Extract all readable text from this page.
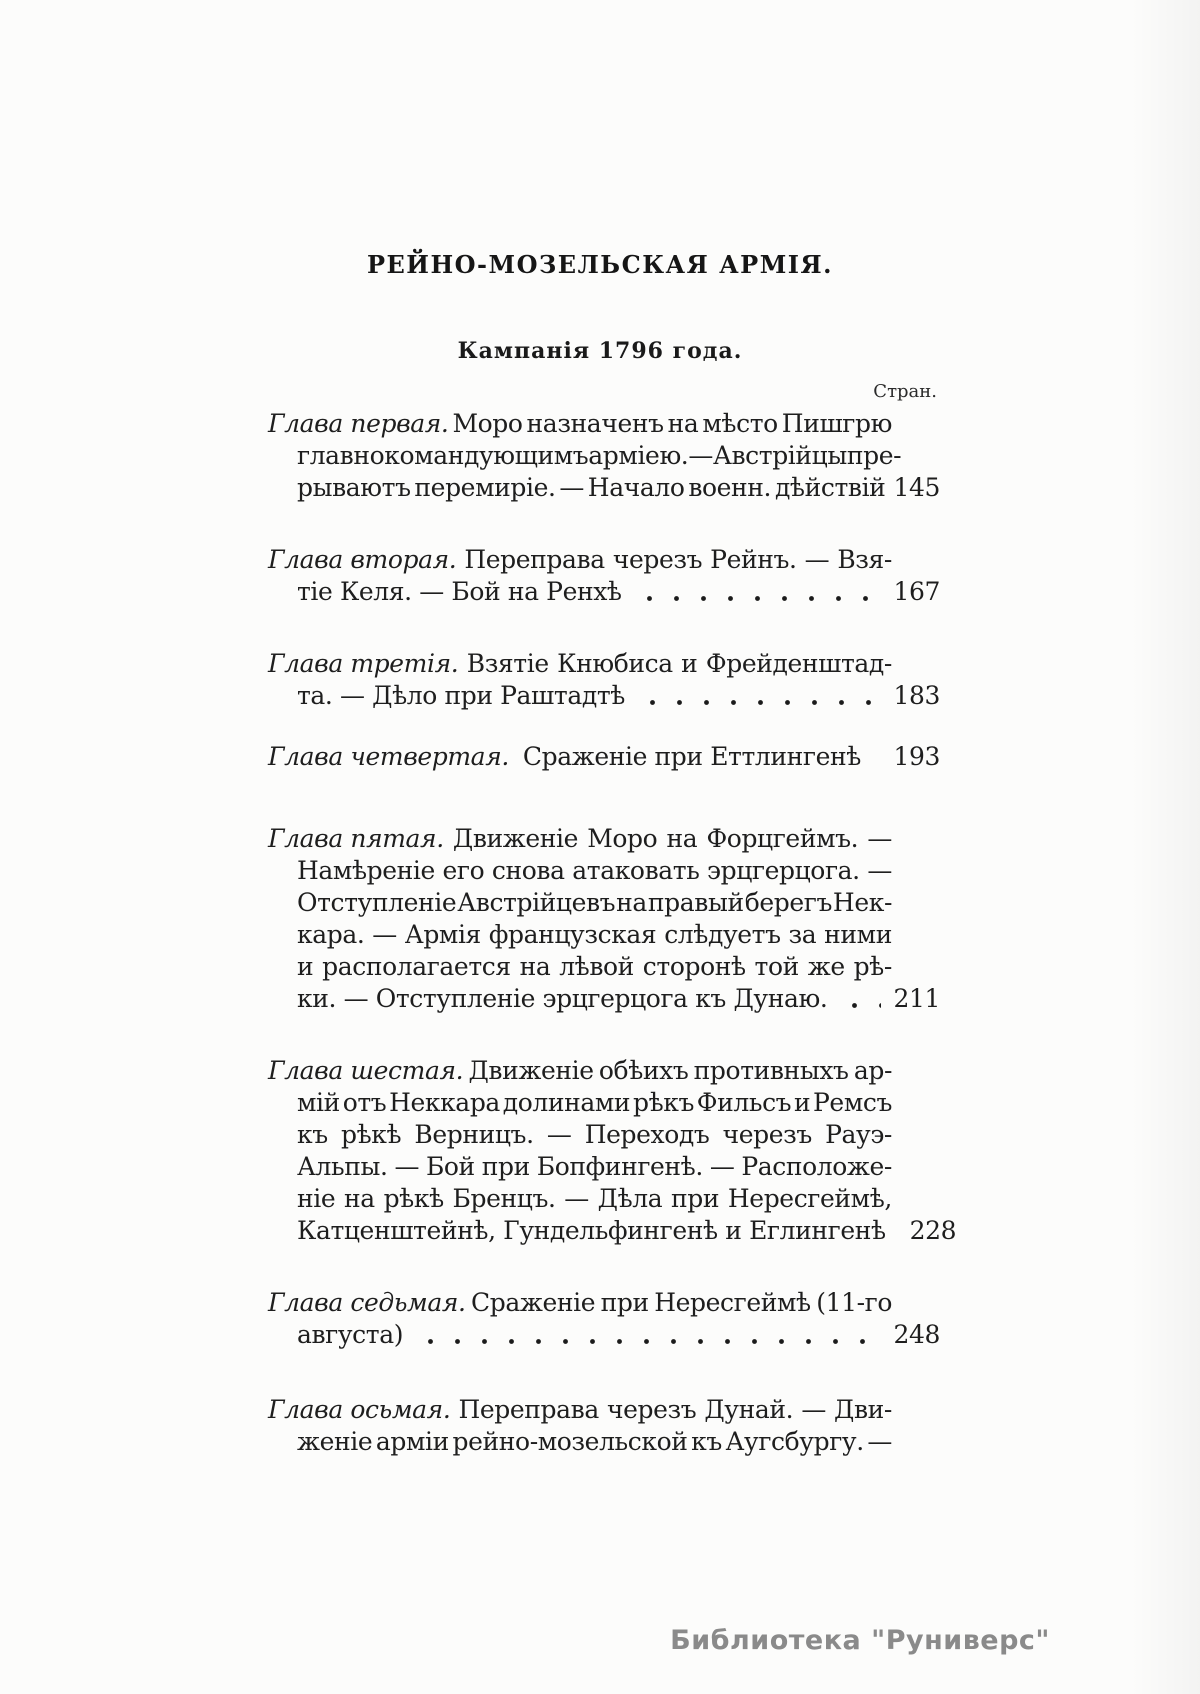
РЕЙНО-МОЗЕЛЬСКАЯ АРМІЯ.
Кампанія 1796 года.
Стран.
Глава первая. Моро назначенъ на мѣсто Пишгрю
главнокомандующимъ арміею. — Австрійцы пре-
рываютъ перемиріе. — Начало военн. дѣйствій 145
Глава вторая. Переправа черезъ Рейнъ. — Взя-
тіе Келя. — Бой на Ренхѣ	167
Глава третія. Взятіе Кнюбиса и Фрейденштад-
та. — Дѣло при Раштадтѣ	183
Глава четвертая. Сраженіе при Еттлингенѣ 193
Глава пятая. Движеніе Моро на Форцгеймъ. —
Намѣреніе его снова атаковать эрцгерцога. —
Отступленіе Австрійцевъ на правый берегъ Нек-
кара. — Армія французская слѣдуетъ за ними
и располагается на лѣвой сторонѣ той же рѣ-
ки. — Отступленіе эрцгерцога къ Дунаю.	211
Глава шестая. Движеніе обѣихъ противныхъ ар-
мій отъ Неккара долинами рѣкъ Фильсъ и Ремсъ
къ рѣкѣ Верницъ. — Переходъ черезъ Рауэ-
Альпы. — Бой при Бопфингенѣ. — Расположе-
ніе на рѣкѣ Бренцъ. — Дѣла при Нересгеймѣ,
Катценштейнѣ, Гундельфингенѣ и Еглингенѣ 228
Глава седьмая. Сраженіе при Нересгеймѣ (11-го
августа)	248
Глава осьмая. Переправа черезъ Дунай. — Дви-
женіе арміи рейно-мозельской къ Аугсбургу. —
Библиотека "Руниверс"
